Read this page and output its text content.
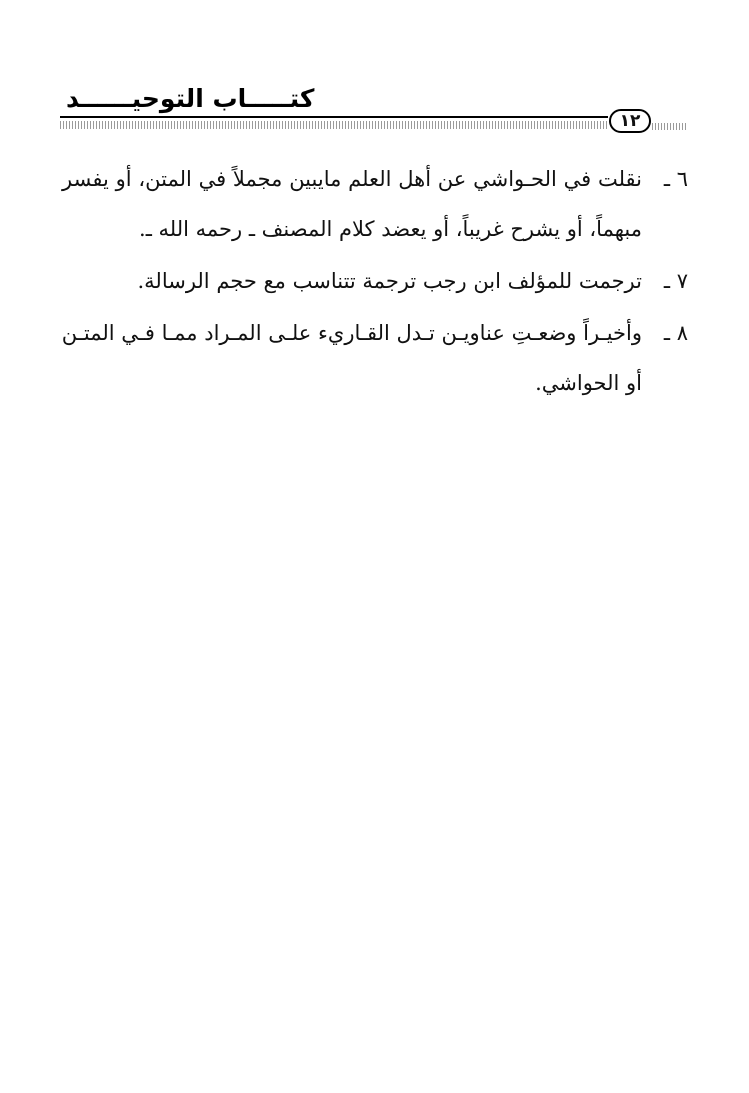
كتـــــاب التوحيــــــد
١٢
٦ ـ
نقلت في الحـواشي عن أهل العلم مايبين مجملاً في المتن، أو يفسر
مبهماً، أو يشرح غريباً، أو يعضد كلام المصنف ـ رحمه الله ـ.
٧ ـ
ترجمت للمؤلف ابن رجب ترجمة تتناسب مع حجم الرسالة.
٨ ـ
وأخيـراً وضعـتِ عناويـن تـدل القـاريء علـى المـراد ممـا فـي المتـن
أو الحواشي.
